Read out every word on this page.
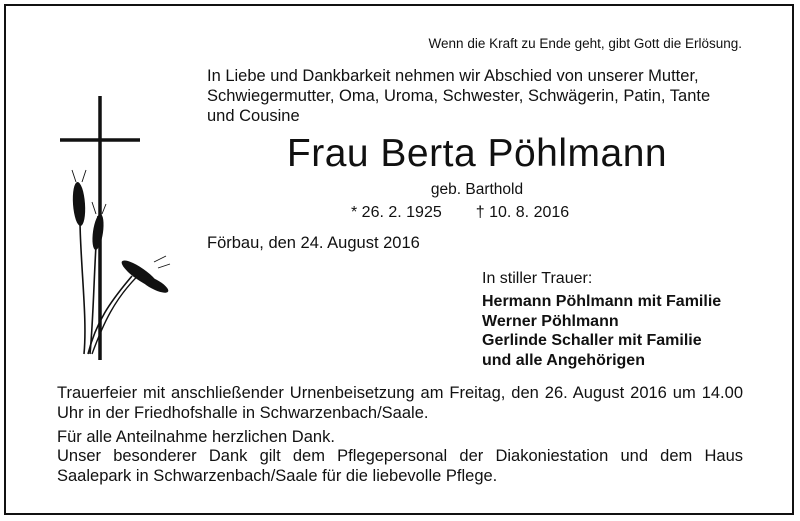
Wenn die Kraft zu Ende geht, gibt Gott die Erlösung.
In Liebe und Dankbarkeit nehmen wir Abschied von unserer Mutter,
Schwiegermutter, Oma, Uroma, Schwester, Schwägerin, Patin, Tante
und Cousine
Frau Berta Pöhlmann
geb. Barthold
* 26. 2. 1925 † 10. 8. 2016
Förbau, den 24. August 2016
In stiller Trauer:
Hermann Pöhlmann mit Familie
Werner Pöhlmann
Gerlinde Schaller mit Familie
und alle Angehörigen
Trauerfeier mit anschließender Urnenbeisetzung am Freitag, den 26. August 2016 um 14.00 Uhr in der Friedhofshalle in Schwarzenbach/Saale.
Für alle Anteilnahme herzlichen Dank.
Unser besonderer Dank gilt dem Pflegepersonal der Diakoniestation und dem Haus Saalepark in Schwarzenbach/Saale für die liebevolle Pflege.
